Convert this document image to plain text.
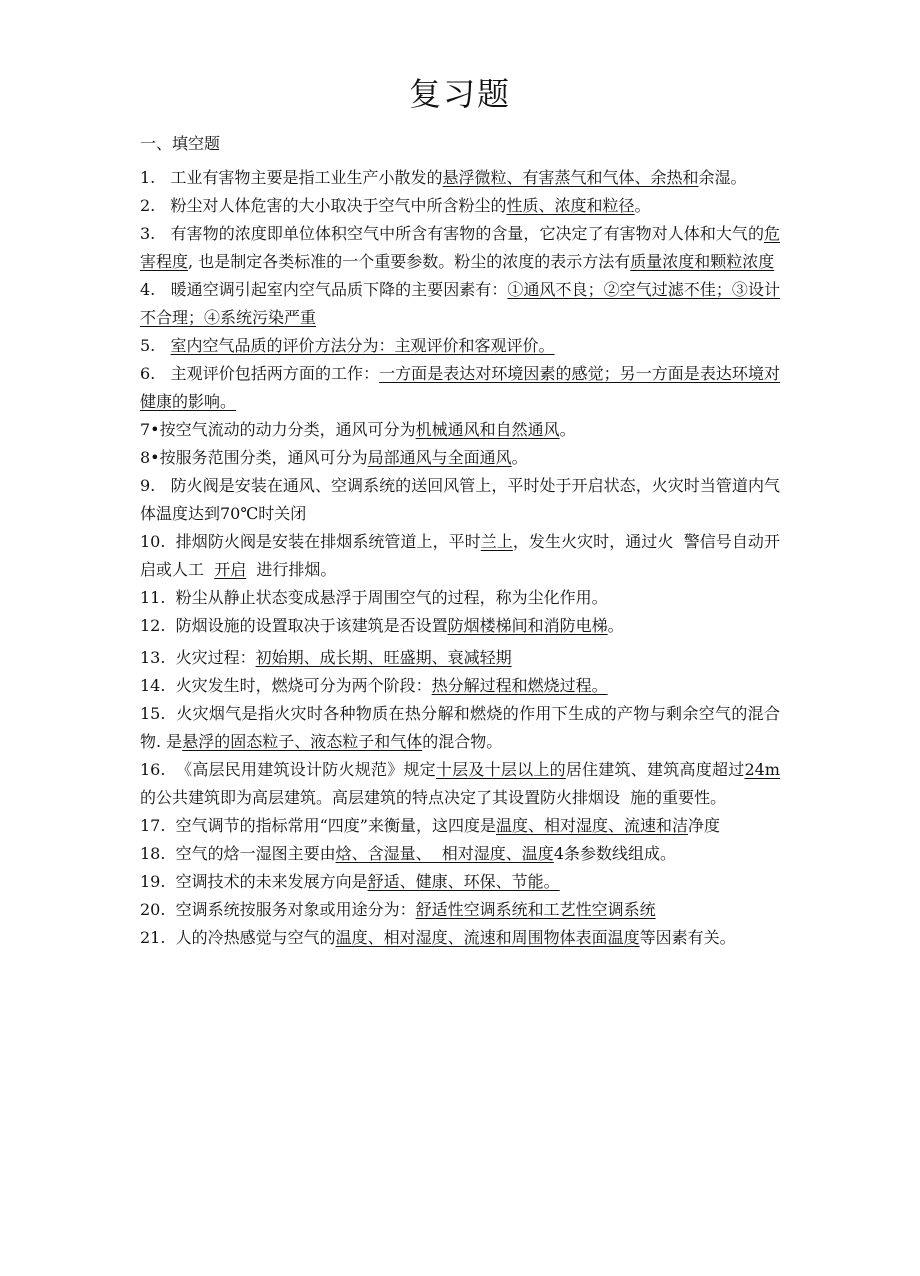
复习题
一、填空题

1.   工业有害物主要是指工业生产小散发的悬浮微粒、有害蒸气和气体、余热和余湿。

2.   粉尘对人体危害的大小取决于空气中所含粉尘的性质、浓度和粒径。

3.   有害物的浓度即单位体积空气中所含有害物的含量，它决定了有害物对人体和大气的危害程度, 也是制定各类标准的一个重要参数。粉尘的浓度的表示方法有质量浓度和颗粒浓度

4.   暖通空调引起室内空气品质下降的主要因素有：①通风不良；②空气过滤不佳；③设计不合理；④系统污染严重

5.   室内空气品质的评价方法分为：主观评价和客观评价。

6.   主观评价包括两方面的工作：一方面是表达对环境因素的感觉；另一方面是表达环境对健康的影响。

7•按空气流动的动力分类，通风可分为机械通风和自然通风。

8•按服务范围分类，通风可分为局部通风与全面通风。

9.   防火阀是安装在通风、空调系统的送回风管上，平时处于开启状态，火灾时当管道内气体温度达到70℃时关闭

10.  排烟防火阀是安装在排烟系统管道上，平时兰上，发生火灾时，通过火  警信号自动开启或人工  开启  进行排烟。

11.  粉尘从静止状态变成悬浮于周围空气的过程，称为尘化作用。

12.  防烟设施的设置取决于该建筑是否设置防烟楼梯间和消防电梯。

13.  火灾过程：初始期、成长期、旺盛期、衰减轻期

14.  火灾发生时，燃烧可分为两个阶段：热分解过程和燃烧过程。

15.  火灾烟气是指火灾时各种物质在热分解和燃烧的作用下生成的产物与剩余空气的混合物. 是悬浮的固态粒子、液态粒子和气体的混合物。

16.  《高层民用建筑设计防火规范》规定十层及十层以上的居住建筑、建筑高度超过24m的公共建筑即为高层建筑。高层建筑的特点决定了其设置防火排烟设  施的重要性。

17.  空气调节的指标常用“四度”来衡量，这四度是温度、相对湿度、流速和洁净度

18.  空气的焓一湿图主要由焓、含湿量、  相对湿度、温度4条参数线组成。

19.  空调技术的未来发展方向是舒适、健康、环保、节能。

20.  空调系统按服务对象或用途分为：舒适性空调系统和工艺性空调系统

21.  人的冷热感觉与空气的温度、相对湿度、流速和周围物体表面温度等因素有关。
